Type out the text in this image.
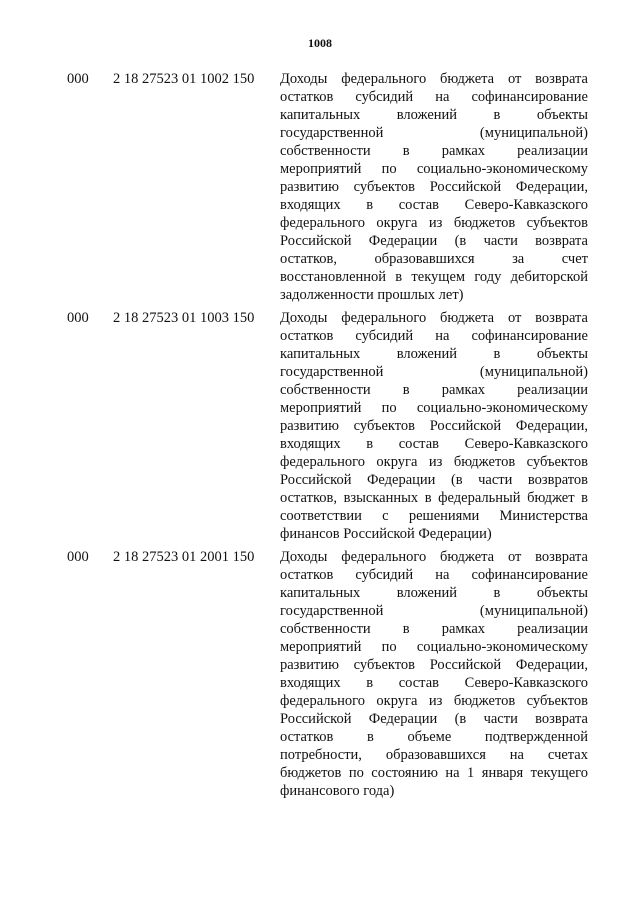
1008
000 2 18 27523 01 1002 150 Доходы федерального бюджета от возврата
остатков субсидий на софинансирование
капитальных вложений в объекты
государственной (муниципальной)
собственности в рамках реализации
мероприятий по социально-экономическому
развитию субъектов Российской Федерации,
входящих в состав Северо-Кавказского
федерального округа из бюджетов субъектов
Российской Федерации (в части возврата
остатков, образовавшихся за счет
восстановленной в текущем году дебиторской
задолженности прошлых лет)
000 2 18 27523 01 1003 150 Доходы федерального бюджета от возврата
остатков субсидий на софинансирование
капитальных вложений в объекты
государственной (муниципальной)
собственности в рамках реализации
мероприятий по социально-экономическому
развитию субъектов Российской Федерации,
входящих в состав Северо-Кавказского
федерального округа из бюджетов субъектов
Российской Федерации (в части возвратов
остатков, взысканных в федеральный бюджет в
соответствии с решениями Министерства
финансов Российской Федерации)
000 2 18 27523 01 2001 150 Доходы федерального бюджета от возврата
остатков субсидий на софинансирование
капитальных вложений в объекты
государственной (муниципальной)
собственности в рамках реализации
мероприятий по социально-экономическому
развитию субъектов Российской Федерации,
входящих в состав Северо-Кавказского
федерального округа из бюджетов субъектов
Российской Федерации (в части возврата
остатков в объеме подтвержденной
потребности, образовавшихся на счетах
бюджетов по состоянию на 1 января текущего
финансового года)
